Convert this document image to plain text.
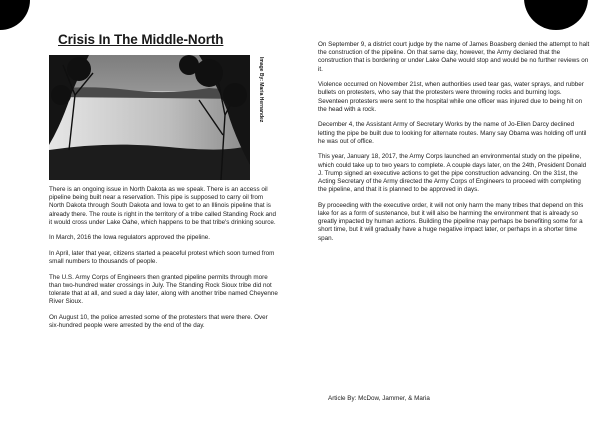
Crisis In The Middle-North
Image By: Maria Hernandez

There is an ongoing issue in North Dakota as we speak. There is an access oil pipeline being built near a reservation. This pipe is supposed to carry oil from North Dakota through South Dakota and Iowa to get to an Illinois pipeline that is already there. The route is right in the territory of a tribe called Standing Rock and it would cross under Lake Oahe, which happens to be that tribe's drinking source.

In March, 2016 the Iowa regulators approved the pipeline.

In April, later that year, citizens started a peaceful protest which soon turned from small numbers to thousands of people.

The U.S. Army Corps of Engineers then granted pipeline permits through more than two-hundred water crossings in July. The Standing Rock Sioux tribe did not tolerate that at all, and sued a day later, along with another tribe named Cheyenne River Sioux.

On August 10, the police arrested some of the protesters that were there. Over six-hundred people were arrested by the end of the day.

On September 9, a district court judge by the name of James Boasberg denied the attempt to halt the construction of the pipeline. On that same day, however, the Army declared that the construction that is bordering or under Lake Oahe would stop and would be no further reviews on it.

Violence occurred on November 21st, when authorities used tear gas, water sprays, and rubber bullets on protesters, who say that the protesters were throwing rocks and burning logs. Seventeen protesters were sent to the hospital while one officer was injured due to being hit on the head with a rock.

December 4, the Assistant Army of Secretary Works by the name of Jo-Ellen Darcy declined letting the pipe be built due to looking for alternate routes. Many say Obama was holding off until he was out of office.

This year, January 18, 2017, the Army Corps launched an environmental study on the pipeline, which could take up to two years to complete. A couple days later, on the 24th, President Donald J. Trump signed an executive actions to get the pipe construction advancing. On the 31st, the Acting Secretary of the Army directed the Army Corps of Engineers to proceed with completing the pipeline, and that it is planned to be approved in days.

By proceeding with the executive order, it will not only harm the many tribes that depend on this lake for as a form of sustenance, but it will also be harming the environment that is already so greatly impacted by human actions. Building the pipeline may perhaps be benefiting some for a short time, but it will gradually have a huge negative impact later, or perhaps in a shorter time span.

Article By: McDow, Jammer, & Maria
